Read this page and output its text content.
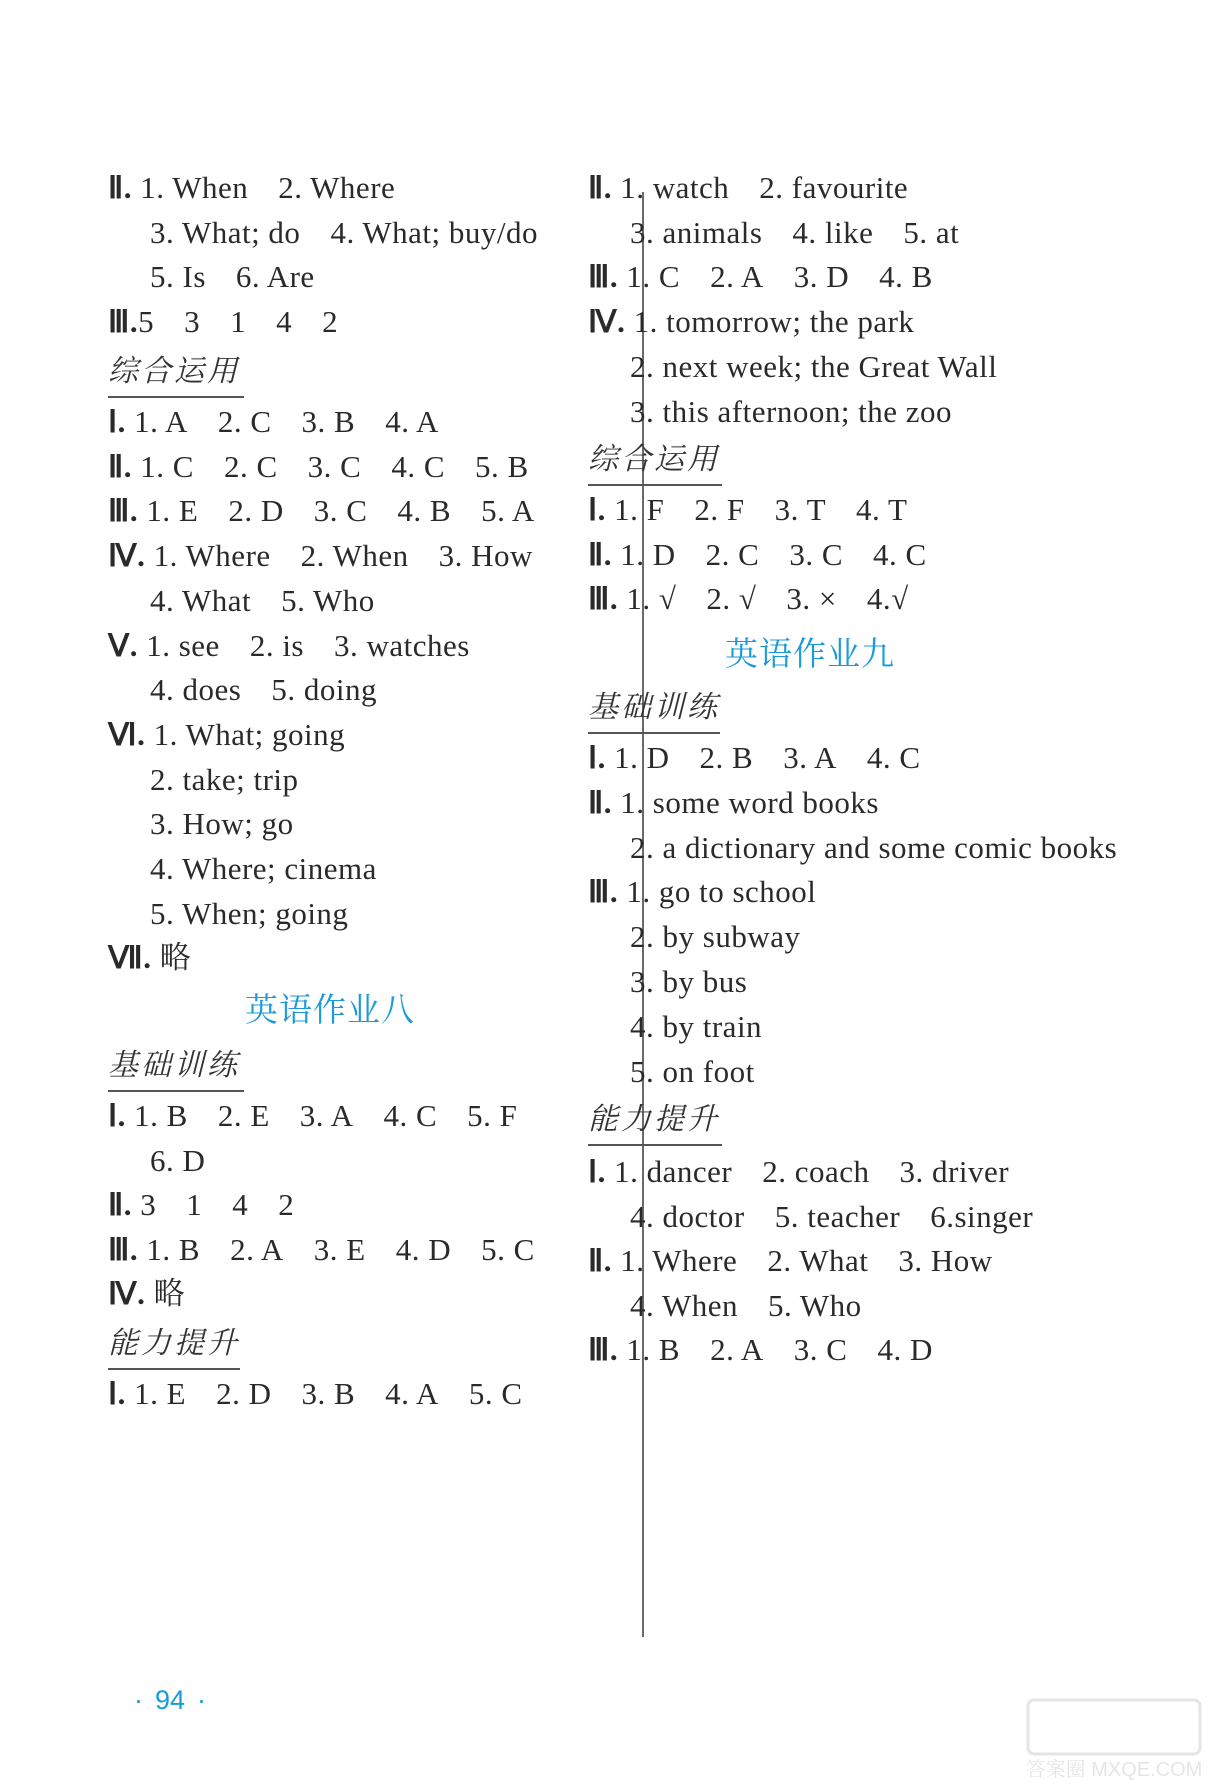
Ⅱ. 1. When 2. Where
3. What; do 4. What; buy/do
5. Is 6. Are
Ⅲ.5 3 1 4 2
综合运用
Ⅰ. 1. A 2. C 3. B 4. A
Ⅱ. 1. C 2. C 3. C 4. C 5. B
Ⅲ. 1. E 2. D 3. C 4. B 5. A
Ⅳ. 1. Where 2. When 3. How
4. What 5. Who
Ⅴ. 1. see 2. is 3. watches
4. does 5. doing
Ⅵ. 1. What; going
2. take; trip
3. How; go
4. Where; cinema
5. When; going
Ⅶ. 略
英语作业八
基础训练
Ⅰ. 1. B 2. E 3. A 4. C 5. F
6. D
Ⅱ. 3 1 4 2
Ⅲ. 1. B 2. A 3. E 4. D 5. C
Ⅳ. 略
能力提升
Ⅰ. 1. E 2. D 3. B 4. A 5. C
Ⅱ. 1. watch 2. favourite
3. animals 4. like 5. at
Ⅲ. 1. C 2. A 3. D 4. B
Ⅳ. 1. tomorrow; the park
2. next week; the Great Wall
3. this afternoon; the zoo
综合运用
Ⅰ. 1. F 2. F 3. T 4. T
Ⅱ. 1. D 2. C 3. C 4. C
Ⅲ. 1. √ 2. √ 3. × 4.√
英语作业九
基础训练
Ⅰ. 1. D 2. B 3. A 4. C
Ⅱ. 1. some word books
2. a dictionary and some comic books
Ⅲ. 1. go to school
2. by subway
3. by bus
4. by train
5. on foot
能力提升
Ⅰ. 1. dancer 2. coach 3. driver
4. doctor 5. teacher 6.singer
Ⅱ. 1. Where 2. What 3. How
4. When 5. Who
Ⅲ. 1. B 2. A 3. C 4. D
· 94 ·
答案圈 MXQE.COM
